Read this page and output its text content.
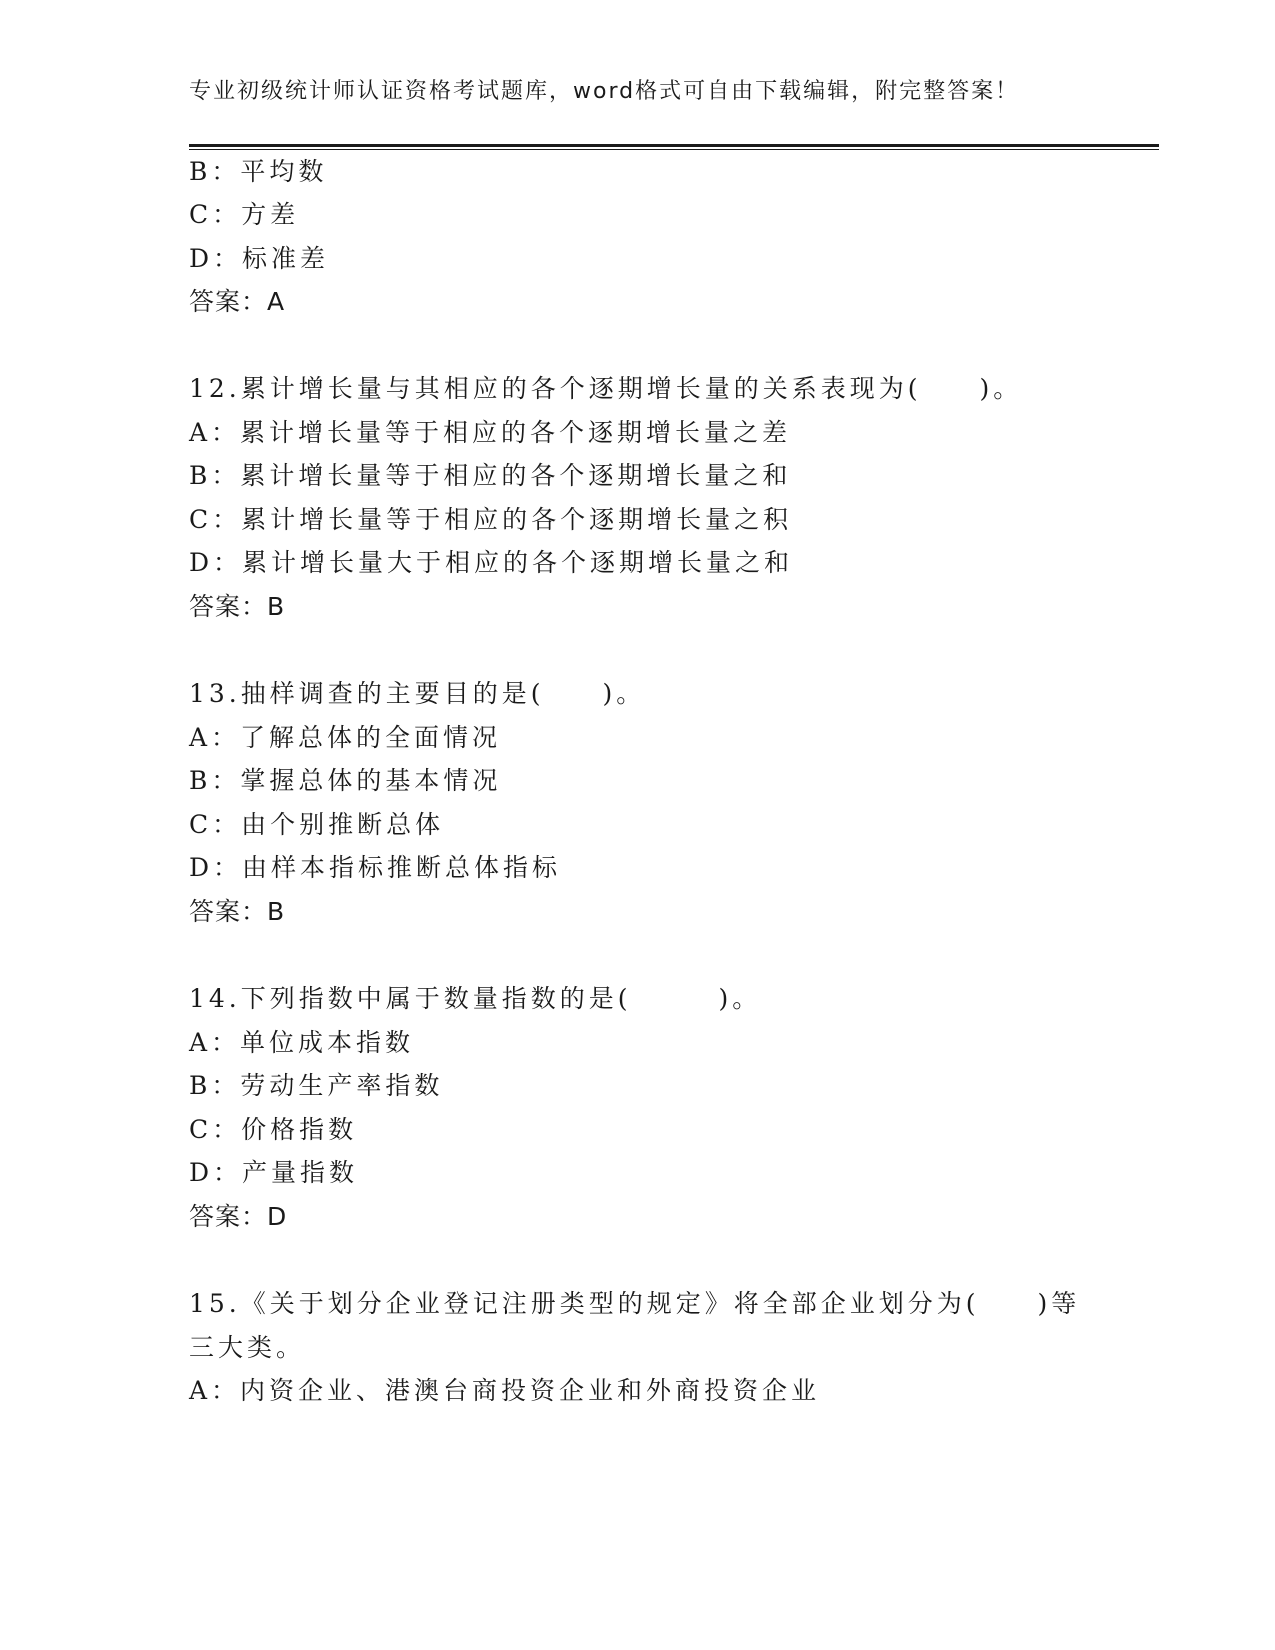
专业初级统计师认证资格考试题库，word格式可自由下载编辑，附完整答案！
B：平均数
C：方差
D：标准差
答案：A
12.累计增长量与其相应的各个逐期增长量的关系表现为(　　)。
A：累计增长量等于相应的各个逐期增长量之差
B：累计增长量等于相应的各个逐期增长量之和
C：累计增长量等于相应的各个逐期增长量之积
D：累计增长量大于相应的各个逐期增长量之和
答案：B
13.抽样调查的主要目的是(　　)。
A：了解总体的全面情况
B：掌握总体的基本情况
C：由个别推断总体
D：由样本指标推断总体指标
答案：B
14.下列指数中属于数量指数的是(　　　)。
A：单位成本指数
B：劳动生产率指数
C：价格指数
D：产量指数
答案：D
15.《关于划分企业登记注册类型的规定》将全部企业划分为(　　)等
三大类。
A：内资企业、港澳台商投资企业和外商投资企业
